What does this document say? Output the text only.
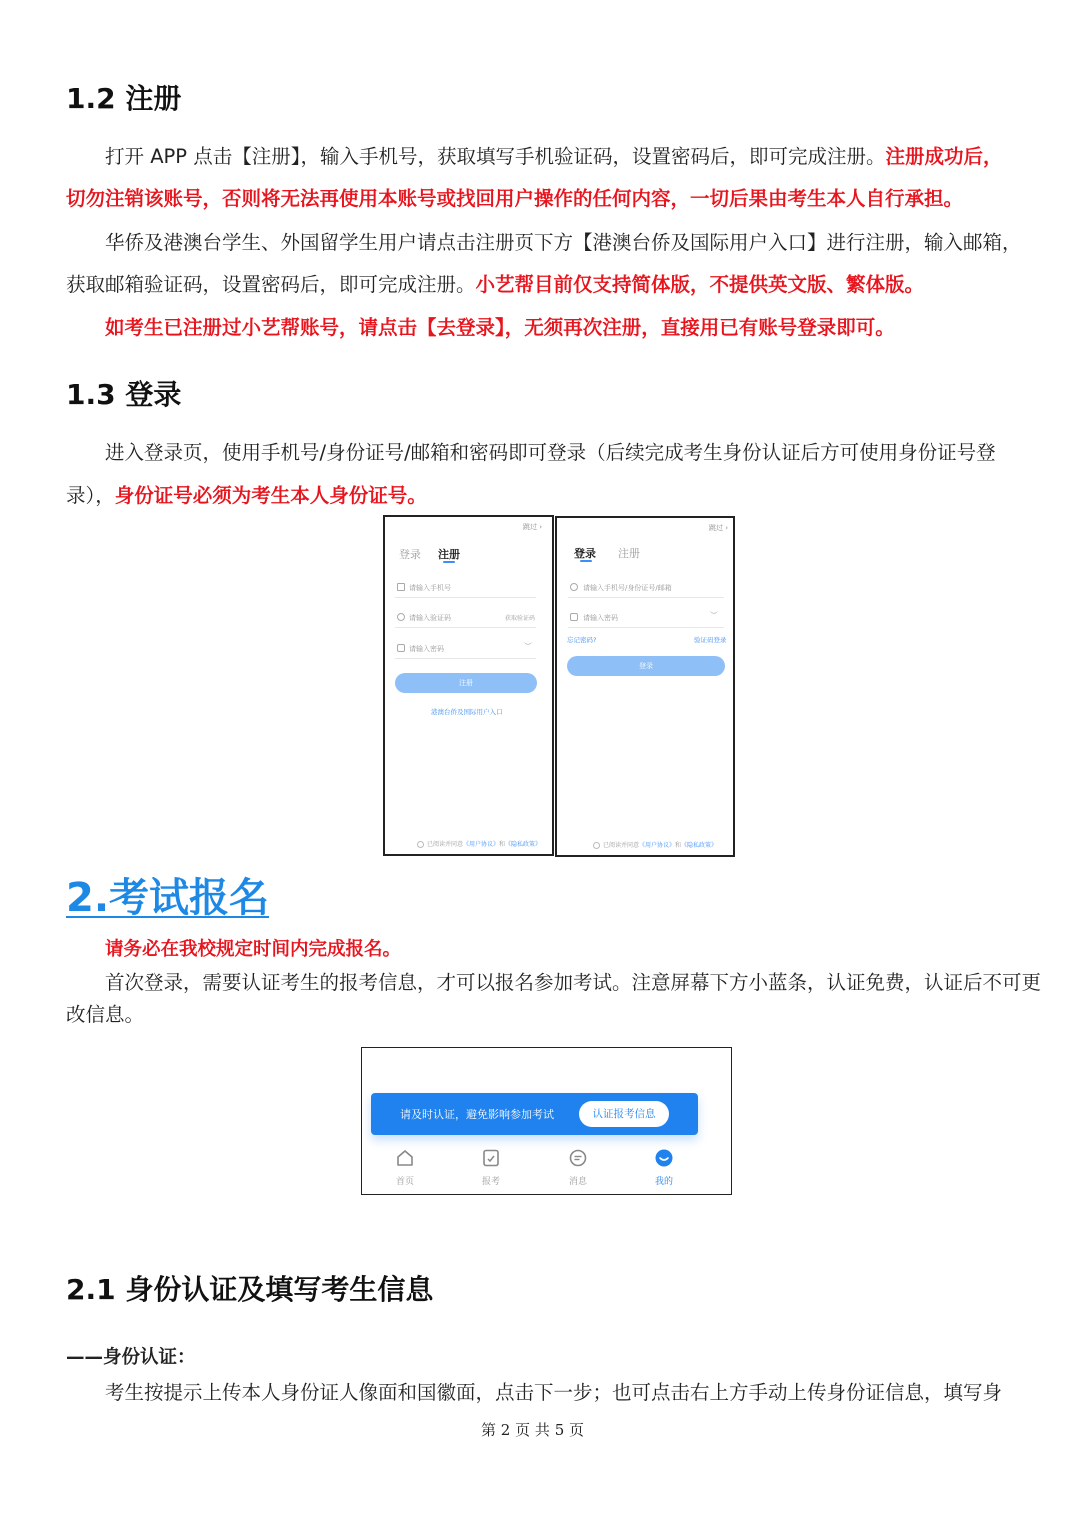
1.2 注册
打开 APP 点击【注册】，输入手机号，获取填写手机验证码，设置密码后，即可完成注册。注册成功后，
切勿注销该账号，否则将无法再使用本账号或找回用户操作的任何内容，一切后果由考生本人自行承担。
华侨及港澳台学生、外国留学生用户请点击注册页下方【港澳台侨及国际用户入口】进行注册，输入邮箱，
获取邮箱验证码，设置密码后，即可完成注册。小艺帮目前仅支持简体版，不提供英文版、繁体版。
如考生已注册过小艺帮账号，请点击【去登录】，无须再次注册，直接用已有账号登录即可。
1.3 登录
进入登录页，使用手机号/身份证号/邮箱和密码即可登录（后续完成考生身份认证后方可使用身份证号登
录），身份证号必须为考生本人身份证号。
跳过 ›
登录 注册
请输入手机号
请输入验证码	获取验证码
请输入密码	︶
注册
港澳台侨及国际用户入口
已阅读并同意《用户协议》和《隐私政策》
跳过 ›
登录 注册
请输入手机号/身份证号/邮箱
请输入密码	︶
忘记密码?	验证码登录
登录
已阅读并同意《用户协议》和《隐私政策》
2.考试报名
请务必在我校规定时间内完成报名。
首次登录，需要认证考生的报考信息，才可以报名参加考试。注意屏幕下方小蓝条，认证免费，认证后不可更
改信息。
请及时认证，避免影响参加考试	认证报考信息
首页	报考	消息	我的
2.1 身份认证及填写考生信息
——身份认证：
考生按提示上传本人身份证人像面和国徽面，点击下一步；也可点击右上方手动上传身份证信息，填写身
第 2 页 共 5 页
